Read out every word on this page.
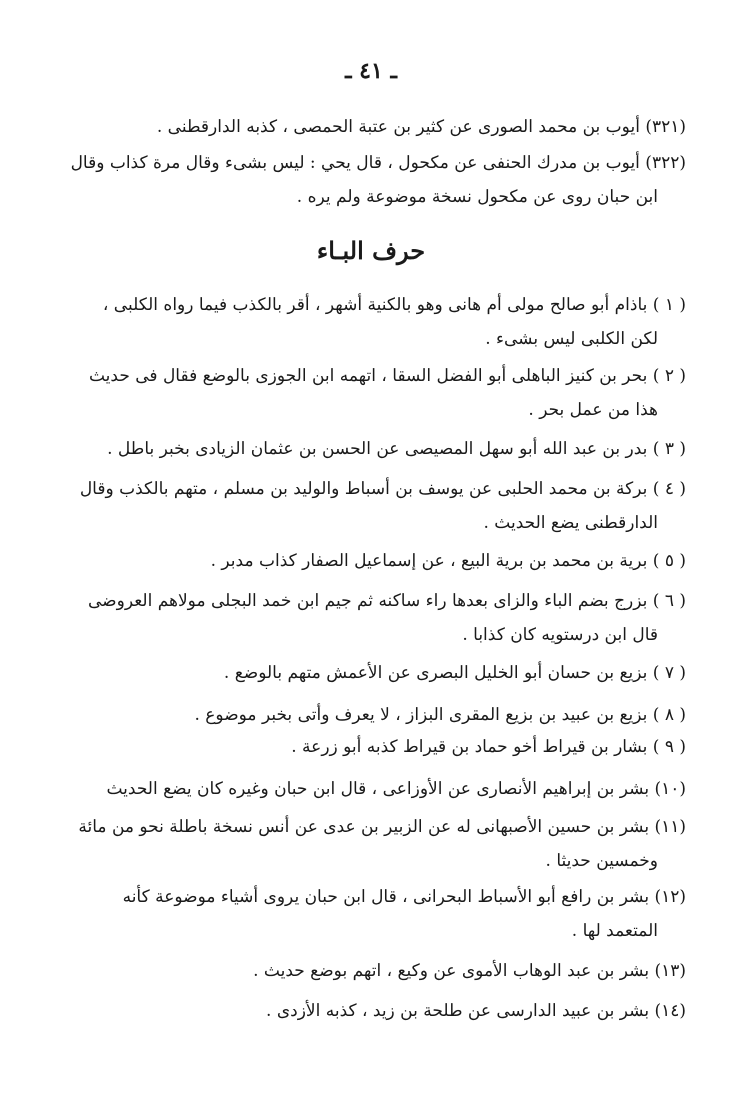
ـ ٤١ ـ
(٣٢١) أيوب بن محمد الصورى عن كثير بن عتبة الحمصى ، كذبه الدارقطنى .
(٣٢٢) أيوب بن مدرك الحنفى عن مكحول ، قال يحي : ليس بشىء وقال مرة كذاب وقال
ابن حبان روى عن مكحول نسخة موضوعة ولم يره .
حرف البـاء
( ١ ) باذام أبو صالح مولى أم هانى وهو بالكنية أشهر ، أقر بالكذب فيما رواه الكلبى ،
لكن الكلبى ليس بشىء .
( ٢ ) بحر بن كنيز الباهلى أبو الفضل السقا ، اتهمه ابن الجوزى بالوضع فقال فى حديث
هذا من عمل بحر .
( ٣ ) بدر بن عبد الله أبو سهل المصيصى عن الحسن بن عثمان الزيادى بخبر باطل .
( ٤ ) بركة بن محمد الحلبى عن يوسف بن أسباط والوليد بن مسلم ، متهم بالكذب وقال
الدارقطنى يضع الحديث .
( ٥ ) برية بن محمد بن برية البيع ، عن إسماعيل الصفار كذاب مدبر .
( ٦ ) بزرج بضم الباء والزاى بعدها راء ساكنه ثم جيم ابن خمد البجلى مولاهم العروضى
قال ابن درستويه كان كذابا .
( ٧ ) بزيع بن حسان أبو الخليل البصرى عن الأعمش متهم بالوضع .
( ٨ ) بزيع بن عبيد بن بزيع المقرى البزاز ، لا يعرف وأتى بخبر موضوع .
( ٩ ) بشار بن قيراط أخو حماد بن قيراط كذبه أبو زرعة .
(١٠) بشر بن إبراهيم الأنصارى عن الأوزاعى ، قال ابن حبان وغيره كان يضع الحديث
(١١) بشر بن حسين الأصبهانى له عن الزبير بن عدى عن أنس نسخة باطلة نحو من مائة
وخمسين حديثا .
(١٢) بشر بن رافع أبو الأسباط البحرانى ، قال ابن حبان يروى أشياء موضوعة كأنه
المتعمد لها .
(١٣) بشر بن عبد الوهاب الأموى عن وكيع ، اتهم بوضع حديث .
(١٤) بشر بن عبيد الدارسى عن طلحة بن زيد ، كذبه الأزدى .
